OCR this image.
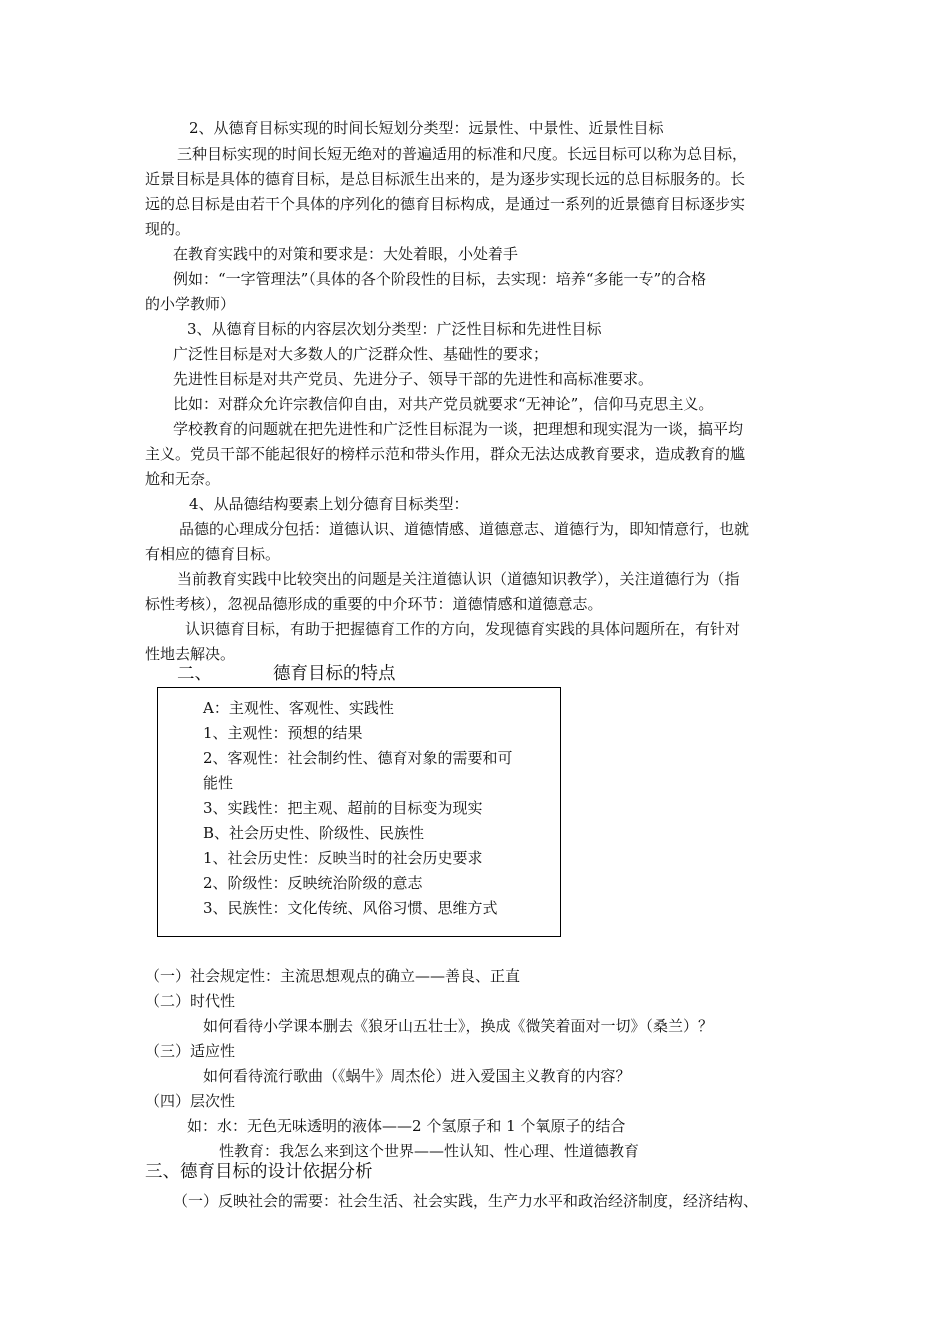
2、从德育目标实现的时间长短划分类型：远景性、中景性、近景性目标
三种目标实现的时间长短无绝对的普遍适用的标准和尺度。长远目标可以称为总目标，
近景目标是具体的德育目标，是总目标派生出来的，是为逐步实现长远的总目标服务的。长
远的总目标是由若干个具体的序列化的德育目标构成，是通过一系列的近景德育目标逐步实
现的。
在教育实践中的对策和要求是：大处着眼，小处着手
例如：“一字管理法”（具体的各个阶段性的目标，去实现：培养“多能一专”的合格
的小学教师）
3、从德育目标的内容层次划分类型：广泛性目标和先进性目标
广泛性目标是对大多数人的广泛群众性、基础性的要求；
先进性目标是对共产党员、先进分子、领导干部的先进性和高标准要求。
比如：对群众允许宗教信仰自由，对共产党员就要求“无神论”，信仰马克思主义。
学校教育的问题就在把先进性和广泛性目标混为一谈，把理想和现实混为一谈，搞平均
主义。党员干部不能起很好的榜样示范和带头作用，群众无法达成教育要求，造成教育的尴
尬和无奈。
4、从品德结构要素上划分德育目标类型：
品德的心理成分包括：道德认识、道德情感、道德意志、道德行为，即知情意行，也就
有相应的德育目标。
当前教育实践中比较突出的问题是关注道德认识（道德知识教学），关注道德行为（指
标性考核），忽视品德形成的重要的中介环节：道德情感和道德意志。
认识德育目标，有助于把握德育工作的方向，发现德育实践的具体问题所在，有针对
性地去解决。
二、	德育目标的特点
A：主观性、客观性、实践性
1、主观性：预想的结果
2、客观性：社会制约性、德育对象的需要和可
能性
3、实践性：把主观、超前的目标变为现实
B、社会历史性、阶级性、民族性
1、社会历史性：反映当时的社会历史要求
2、阶级性：反映统治阶级的意志
3、民族性：文化传统、风俗习惯、思维方式
（一）社会规定性：主流思想观点的确立——善良、正直
（二）时代性
如何看待小学课本删去《狼牙山五壮士》，换成《微笑着面对一切》（桑兰）？
（三）适应性
如何看待流行歌曲（《蜗牛》周杰伦）进入爱国主义教育的内容？
（四）层次性
如：水：无色无味透明的液体——2 个氢原子和 1 个氧原子的结合
性教育：我怎么来到这个世界——性认知、性心理、性道德教育
三、德育目标的设计依据分析
（一）反映社会的需要：社会生活、社会实践，生产力水平和政治经济制度，经济结构、
